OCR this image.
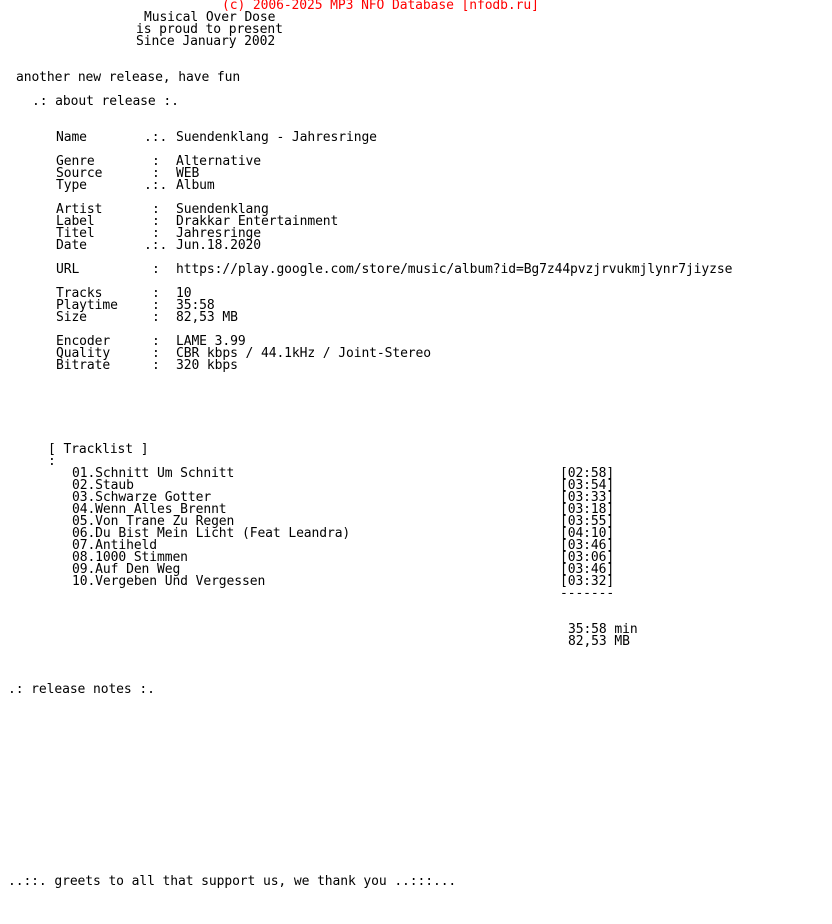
(c) 2006-2025 MP3 NFO Database [nfodb.ru]
Musical Over Dose
is proud to present
Since January 2002
another new release, have fun
.: about release :.
Name	.:. Suendenklang - Jahresringe
Genre	: Alternative
Source	: WEB
Type	.:. Album
Artist	: Suendenklang
Label	: Drakkar Entertainment
Titel	: Jahresringe
Date	.:. Jun.18.2020
URL	: https://play.google.com/store/music/album?id=Bg7z44pvzjrvukmjlynr7jiyzse
Tracks	: 10
Playtime	: 35:58
Size	: 82,53 MB
Encoder	: LAME 3.99
Quality	: CBR kbps / 44.1kHz / Joint-Stereo
Bitrate	: 320 kbps
[ Tracklist ]
:
01.Schnitt Um Schnitt	[02:58]
02.Staub	[03:54]
03.Schwarze Gotter	[03:33]
04.Wenn Alles Brennt	[03:18]
05.Von Trane Zu Regen	[03:55]
06.Du Bist Mein Licht (Feat Leandra)	[04:10]
07.Antiheld	[03:46]
08.1000 Stimmen	[03:06]
09.Auf Den Weg	[03:46]
10.Vergeben Und Vergessen	[03:32]
-------
35:58 min
82,53 MB
.: release notes :.
..::. greets to all that support us, we thank you ..:::...
